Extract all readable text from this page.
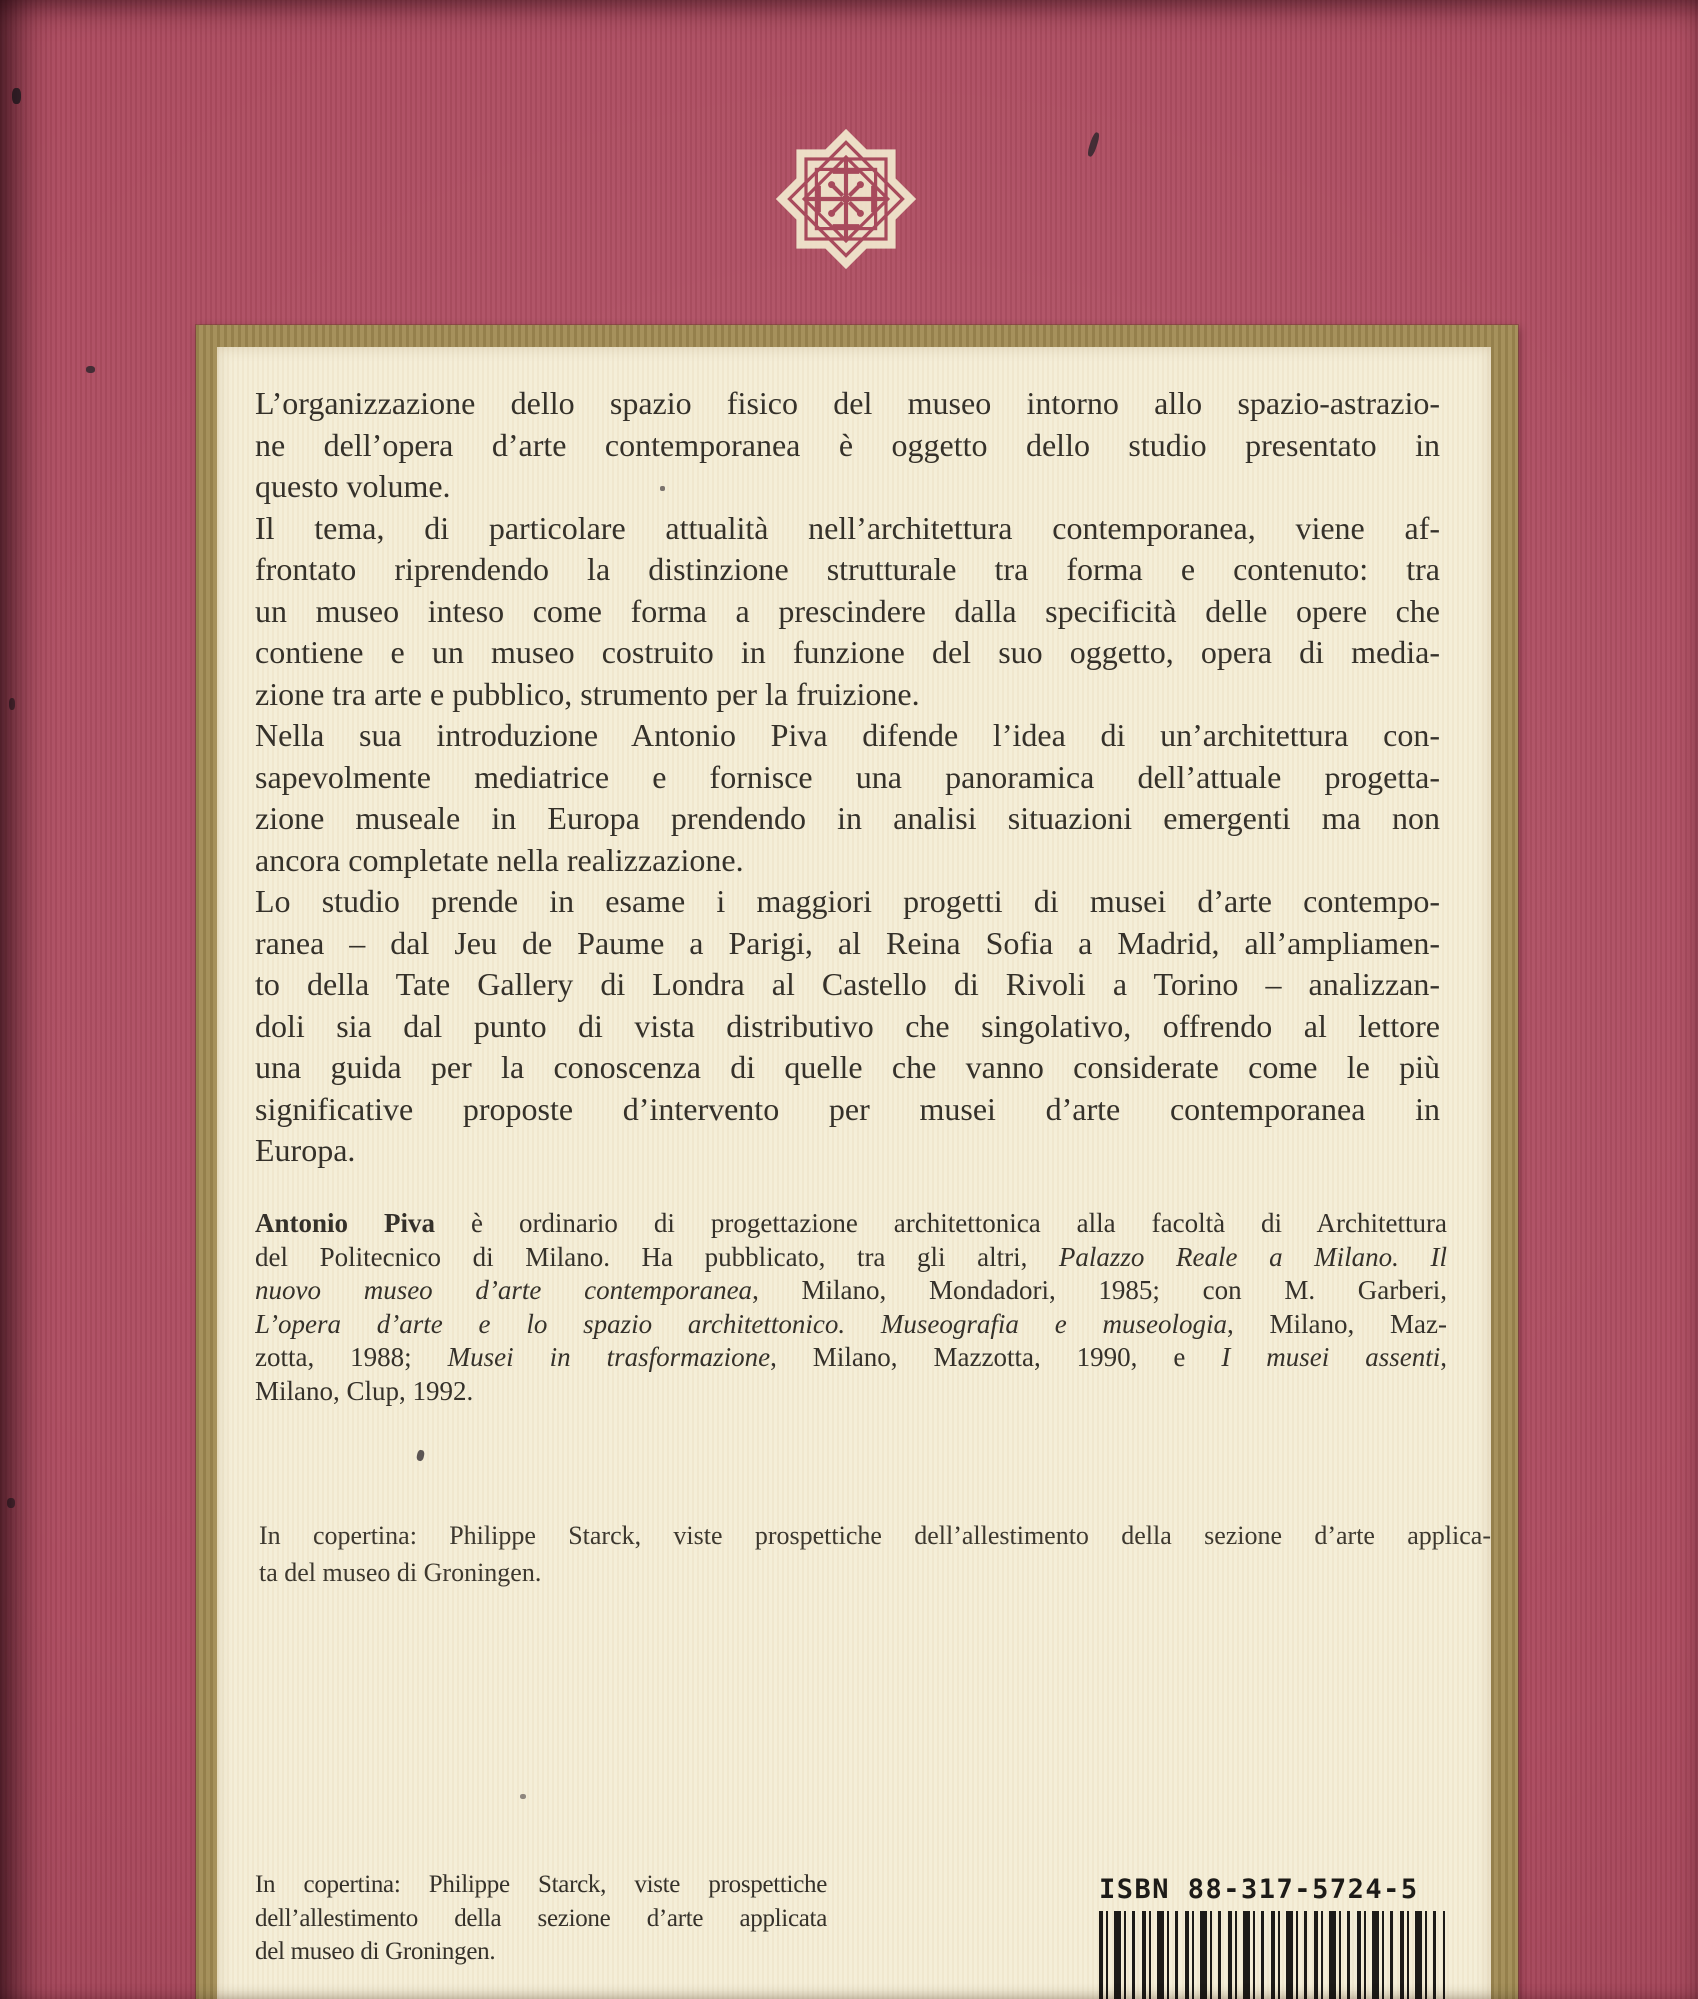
L’organizzazione dello spazio fisico del museo intorno allo spazio-astrazio-
ne dell’opera d’arte contemporanea è oggetto dello studio presentato in
questo volume.
Il tema, di particolare attualità nell’architettura contemporanea, viene af-
frontato riprendendo la distinzione strutturale tra forma e contenuto: tra
un museo inteso come forma a prescindere dalla specificità delle opere che
contiene e un museo costruito in funzione del suo oggetto, opera di media-
zione tra arte e pubblico, strumento per la fruizione.
Nella sua introduzione Antonio Piva difende l’idea di un’architettura con-
sapevolmente mediatrice e fornisce una panoramica dell’attuale progetta-
zione museale in Europa prendendo in analisi situazioni emergenti ma non
ancora completate nella realizzazione.
Lo studio prende in esame i maggiori progetti di musei d’arte contempo-
ranea – dal Jeu de Paume a Parigi, al Reina Sofia a Madrid, all’ampliamen-
to della Tate Gallery di Londra al Castello di Rivoli a Torino – analizzan-
doli sia dal punto di vista distributivo che singolativo, offrendo al lettore
una guida per la conoscenza di quelle che vanno considerate come le più
significative proposte d’intervento per musei d’arte contemporanea in
Europa.
Antonio Piva è ordinario di progettazione architettonica alla facoltà di Architettura
del Politecnico di Milano. Ha pubblicato, tra gli altri, Palazzo Reale a Milano. Il
nuovo museo d’arte contemporanea, Milano, Mondadori, 1985; con M. Garberi,
L’opera d’arte e lo spazio architettonico. Museografia e museologia, Milano, Maz-
zotta, 1988; Musei in trasformazione, Milano, Mazzotta, 1990, e I musei assenti,
Milano, Clup, 1992.
In copertina: Philippe Starck, viste prospettiche dell’allestimento della sezione d’arte applica-
ta del museo di Groningen.
In copertina: Philippe Starck, viste prospettiche
dell’allestimento della sezione d’arte applicata
del museo di Groningen.
ISBN 88-317-5724-5
